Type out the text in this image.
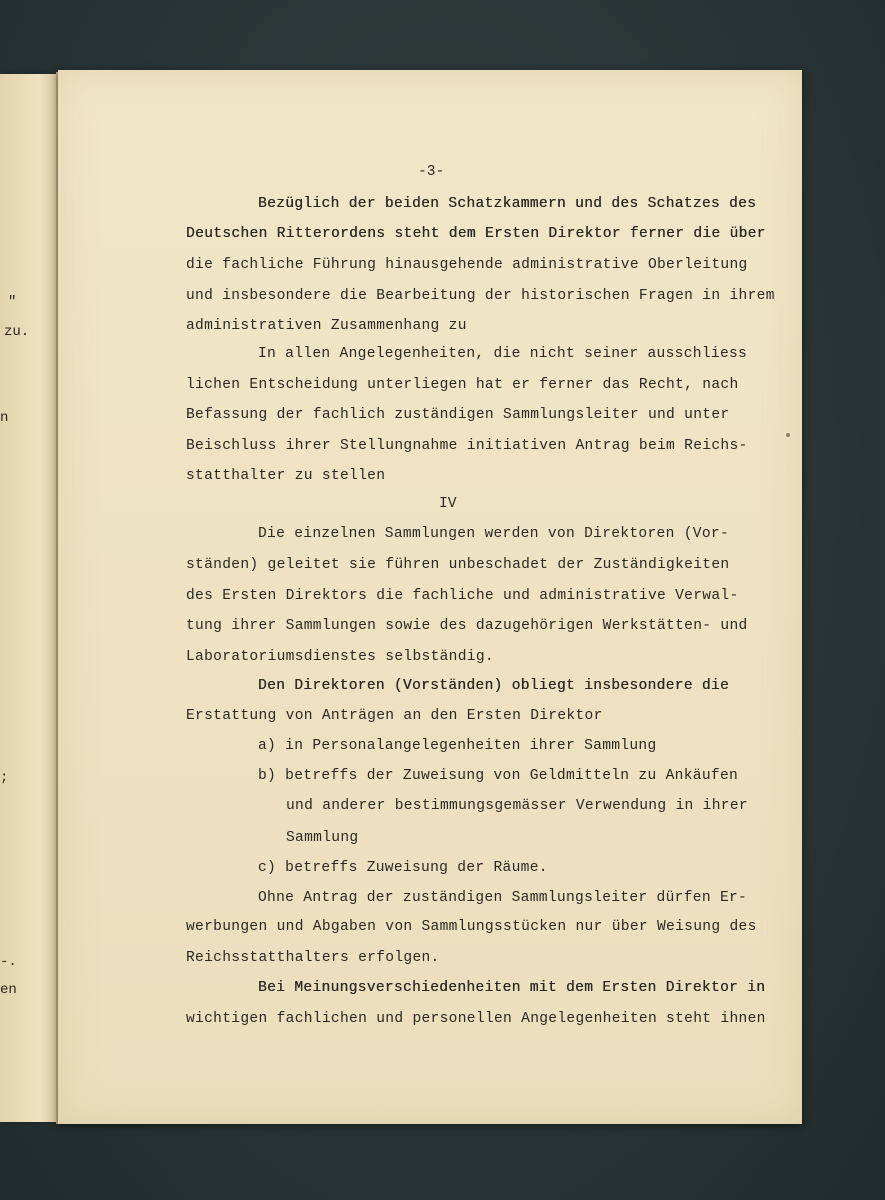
"
zu.
n
;
-.
en
-3-
Bezüglich der beiden Schatzkammern und des Schatzes des
Deutschen Ritterordens steht dem Ersten Direktor ferner die über
die fachliche Führung hinausgehende administrative Oberleitung
und insbesondere die Bearbeitung der historischen Fragen in ihrem
administrativen Zusammenhang zu
In allen Angelegenheiten, die nicht seiner ausschliess
lichen Entscheidung unterliegen hat er ferner das Recht, nach
Befassung der fachlich zuständigen Sammlungsleiter und unter
Beischluss ihrer Stellungnahme initiativen Antrag beim Reichs-
statthalter zu stellen
IV
Die einzelnen Sammlungen werden von Direktoren (Vor-
ständen) geleitet sie führen unbeschadet der Zuständigkeiten
des Ersten Direktors die fachliche und administrative Verwal-
tung ihrer Sammlungen sowie des dazugehörigen Werkstätten- und
Laboratoriumsdienstes selbständig.
Den Direktoren (Vorständen) obliegt insbesondere die
Erstattung von Anträgen an den Ersten Direktor
a) in Personalangelegenheiten ihrer Sammlung
b) betreffs der Zuweisung von Geldmitteln zu Ankäufen
und anderer bestimmungsgemässer Verwendung in ihrer
Sammlung
c) betreffs Zuweisung der Räume.
Ohne Antrag der zuständigen Sammlungsleiter dürfen Er-
werbungen und Abgaben von Sammlungsstücken nur über Weisung des
Reichsstatthalters erfolgen.
Bei Meinungsverschiedenheiten mit dem Ersten Direktor in
wichtigen fachlichen und personellen Angelegenheiten steht ihnen
